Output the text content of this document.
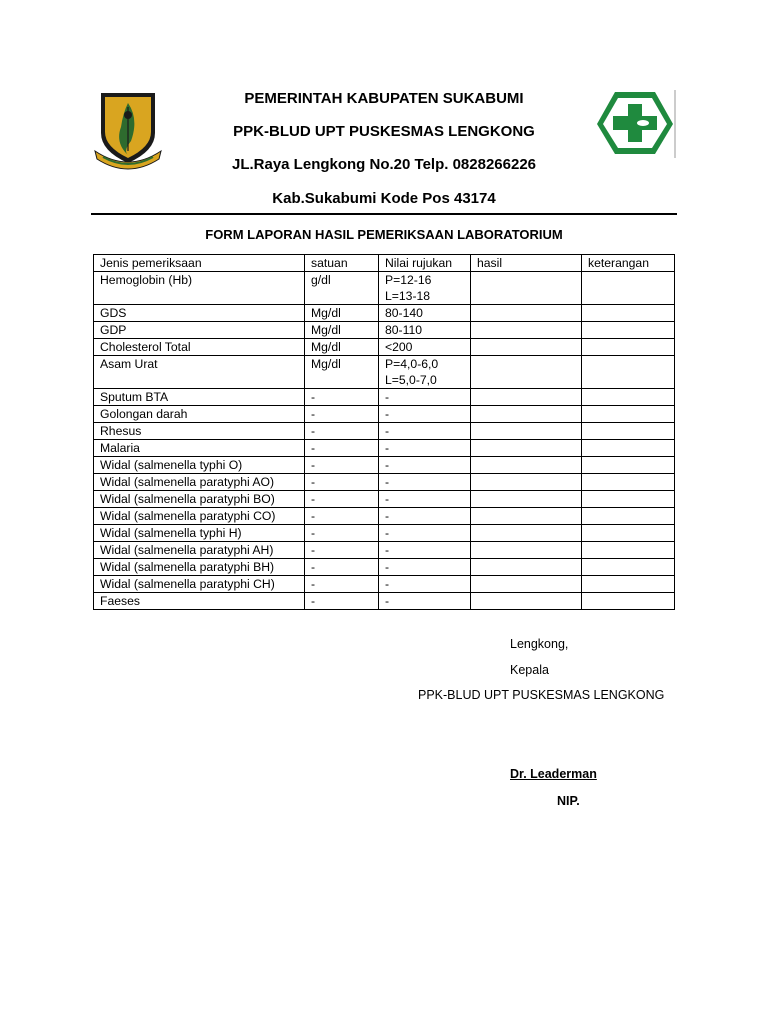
PEMERINTAH KABUPATEN SUKABUMI
PPK-BLUD UPT PUSKESMAS LENGKONG
JL.Raya Lengkong No.20 Telp. 0828266226
Kab.Sukabumi Kode Pos 43174
FORM LAPORAN HASIL PEMERIKSAAN LABORATORIUM
Jenis pemeriksaan	satuan	Nilai rujukan	hasil	keterangan
Hemoglobin (Hb)	g/dl	P=12-16
L=13-18		

GDS	Mg/dl	80-140		

GDP	Mg/dl	80-110		

Cholesterol Total	Mg/dl	<200		

Asam Urat	Mg/dl	P=4,0-6,0
L=5,0-7,0		

Sputum BTA	-	-		

Golongan darah	-	-		

Rhesus	-	-		

Malaria	-	-		

Widal (salmenella typhi O)	-	-		

Widal (salmenella paratyphi AO)	-	-		

Widal (salmenella paratyphi BO)	-	-		

Widal (salmenella paratyphi CO)	-	-		

Widal (salmenella typhi H)	-	-		

Widal (salmenella paratyphi AH)	-	-		

Widal (salmenella paratyphi BH)	-	-		

Widal (salmenella paratyphi CH)	-	-		

Faeses	-	-		

Lengkong,
Kepala
PPK-BLUD UPT PUSKESMAS LENGKONG
Dr. Leaderman
NIP.
